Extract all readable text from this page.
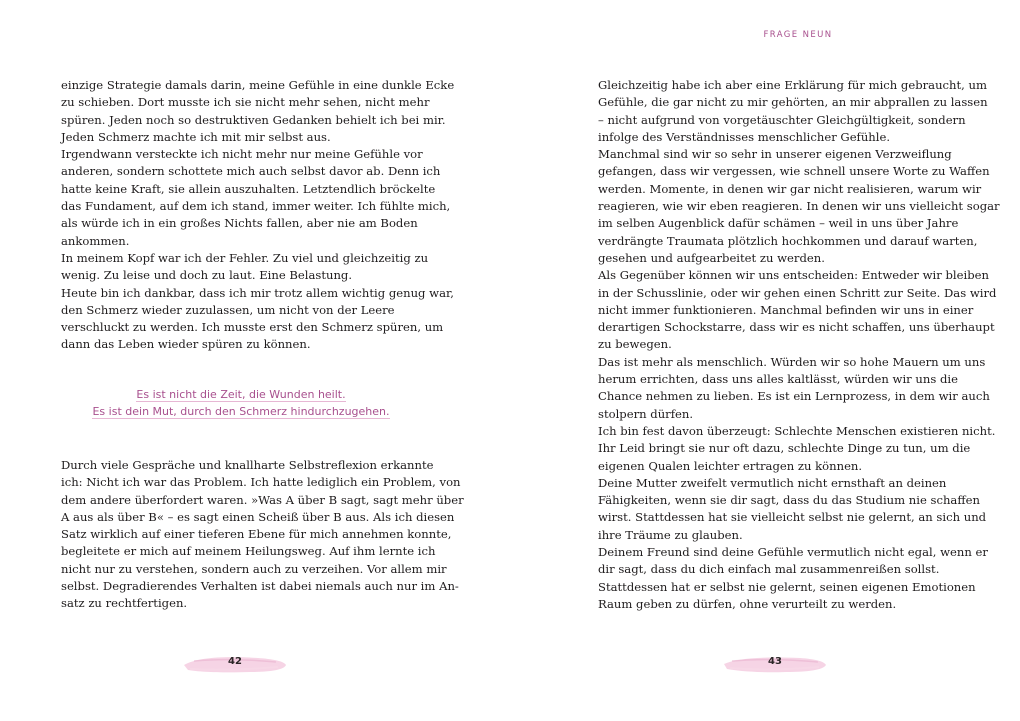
einzige Strategie damals darin, meine Gefühle in eine dunkle Ecke

zu schieben. Dort musste ich sie nicht mehr sehen, nicht mehr

spüren. Jeden noch so destruktiven Gedanken behielt ich bei mir.

Jeden Schmerz machte ich mit mir selbst aus.

Irgendwann versteckte ich nicht mehr nur meine Gefühle vor

anderen, sondern schottete mich auch selbst davor ab. Denn ich

hatte keine Kraft, sie allein auszuhalten. Letztendlich bröckelte

das Fundament, auf dem ich stand, immer weiter. Ich fühlte mich,

als würde ich in ein großes Nichts fallen, aber nie am Boden

ankommen.

In meinem Kopf war ich der Fehler. Zu viel und gleichzeitig zu

wenig. Zu leise und doch zu laut. Eine Belastung.

Heute bin ich dankbar, dass ich mir trotz allem wichtig genug war,

den Schmerz wieder zuzulassen, um nicht von der Leere

verschluckt zu werden. Ich musste erst den Schmerz spüren, um

dann das Leben wieder spüren zu können.

Es ist nicht die Zeit, die Wunden heilt.

Es ist dein Mut, durch den Schmerz hindurchzugehen.

Durch viele Gespräche und knallharte Selbstreflexion erkannte

ich: Nicht ich war das Problem. Ich hatte lediglich ein Problem, von

dem andere überfordert waren. »Was A über B sagt, sagt mehr über

A aus als über B« – es sagt einen Scheiß über B aus. Als ich diesen

Satz wirklich auf einer tieferen Ebene für mich annehmen konnte,

begleitete er mich auf meinem Heilungsweg. Auf ihm lernte ich

nicht nur zu verstehen, sondern auch zu verzeihen. Vor allem mir

selbst. Degradierendes Verhalten ist dabei niemals auch nur im An-

satz zu rechtfertigen.

42
FRAGE NEUN

Gleichzeitig habe ich aber eine Erklärung für mich gebraucht, um

Gefühle, die gar nicht zu mir gehörten, an mir abprallen zu lassen

– nicht aufgrund von vorgetäuschter Gleichgültigkeit, sondern

infolge des Verständnisses menschlicher Gefühle.

Manchmal sind wir so sehr in unserer eigenen Verzweiflung

gefangen, dass wir vergessen, wie schnell unsere Worte zu Waffen

werden. Momente, in denen wir gar nicht realisieren, warum wir

reagieren, wie wir eben reagieren. In denen wir uns vielleicht sogar

im selben Augenblick dafür schämen – weil in uns über Jahre

verdrängte Traumata plötzlich hochkommen und darauf warten,

gesehen und aufgearbeitet zu werden.

Als Gegenüber können wir uns entscheiden: Entweder wir bleiben

in der Schusslinie, oder wir gehen einen Schritt zur Seite. Das wird

nicht immer funktionieren. Manchmal befinden wir uns in einer

derartigen Schockstarre, dass wir es nicht schaffen, uns überhaupt

zu bewegen.

Das ist mehr als menschlich. Würden wir so hohe Mauern um uns

herum errichten, dass uns alles kaltlässt, würden wir uns die

Chance nehmen zu lieben. Es ist ein Lernprozess, in dem wir auch

stolpern dürfen.

Ich bin fest davon überzeugt: Schlechte Menschen existieren nicht.

Ihr Leid bringt sie nur oft dazu, schlechte Dinge zu tun, um die

eigenen Qualen leichter ertragen zu können.

Deine Mutter zweifelt vermutlich nicht ernsthaft an deinen

Fähigkeiten, wenn sie dir sagt, dass du das Studium nie schaffen

wirst. Stattdessen hat sie vielleicht selbst nie gelernt, an sich und

ihre Träume zu glauben.

Deinem Freund sind deine Gefühle vermutlich nicht egal, wenn er

dir sagt, dass du dich einfach mal zusammenreißen sollst.

Stattdessen hat er selbst nie gelernt, seinen eigenen Emotionen

Raum geben zu dürfen, ohne verurteilt zu werden.

43
